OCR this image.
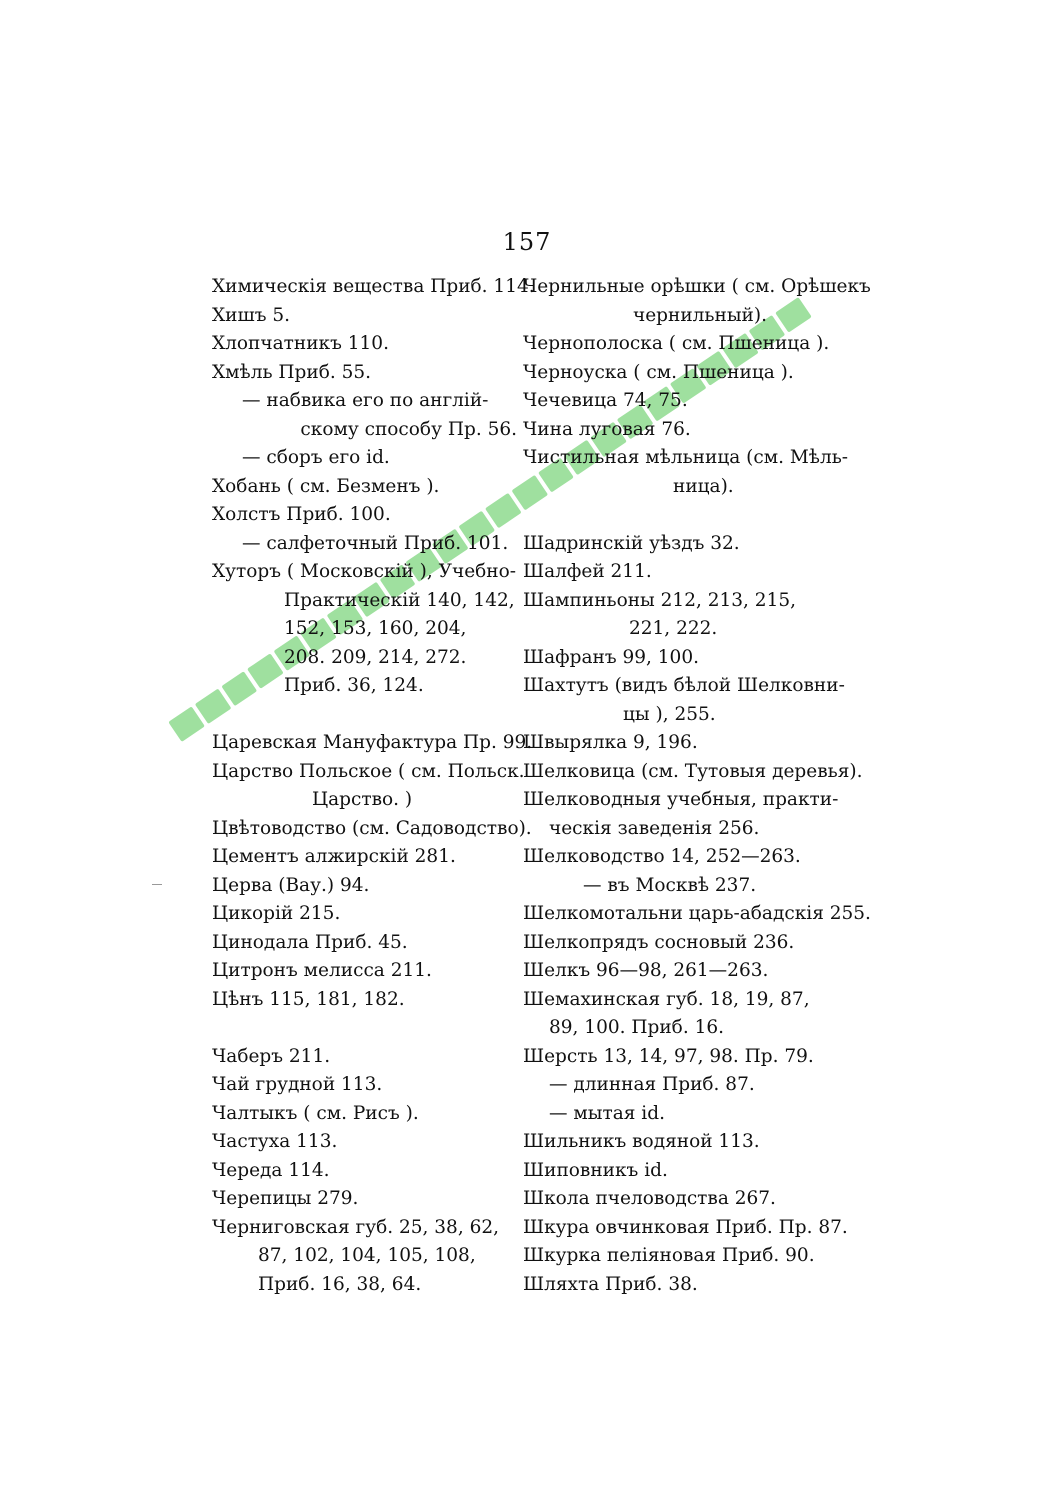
157
Химическія вещества Приб. 114.
Хишъ 5.
Хлопчатникъ 110.
Хмѣль Приб. 55.
— набвика его по англій-
скому способу Пр. 56.
— сборъ его id.
Хобань ( см. Безменъ ).
Холстъ Приб. 100.
— салфеточный Приб. 101.
Хуторъ ( Московскій ), Учебно-
Практическій 140, 142,
152, 153, 160, 204,
208. 209, 214, 272.
Приб. 36, 124.
Царевская Мануфактура Пр. 99.
Царство Польское ( см. Польск.
Царство. )
Цвѣтоводство (см. Садоводство).
Цементъ алжирскій 281.
Церва (Вау.) 94.
Цикорій 215.
Цинодала Приб. 45.
Цитронъ мелисса 211.
Цѣнъ 115, 181, 182.
Чаберъ 211.
Чай грудной 113.
Чалтыкъ ( см. Рисъ ).
Частуха 113.
Череда 114.
Черепицы 279.
Черниговская губ. 25, 38, 62,
87, 102, 104, 105, 108,
Приб. 16, 38, 64.
Чернильные орѣшки ( см. Орѣшекъ
чернильный).
Чернополоска ( см. Пшеница ).
Черноуска ( см. Пшеница ).
Чечевица 74, 75.
Чина луговая 76.
Чистильная мѣльница (см. Мѣль-
ница).
Шадринскій уѣздъ 32.
Шалфей 211.
Шампиньоны 212, 213, 215,
221, 222.
Шафранъ 99, 100.
Шахтутъ (видъ бѣлой Шелковни-
цы ), 255.
Швырялка 9, 196.
Шелковица (см. Тутовыя деревья).
Шелководныя учебныя, практи-
ческія заведенія 256.
Шелководство 14, 252—263.
— въ Москвѣ 237.
Шелкомотальни царь-абадскія 255.
Шелкопрядъ сосновый 236.
Шелкъ 96—98, 261—263.
Шемахинская губ. 18, 19, 87,
89, 100. Приб. 16.
Шерсть 13, 14, 97, 98. Пр. 79.
— длинная Приб. 87.
— мытая id.
Шильникъ водяной 113.
Шиповникъ id.
Школа пчеловодства 267.
Шкура овчинковая Приб. Пр. 87.
Шкурка пеліяновая Приб. 90.
Шляхта Приб. 38.
